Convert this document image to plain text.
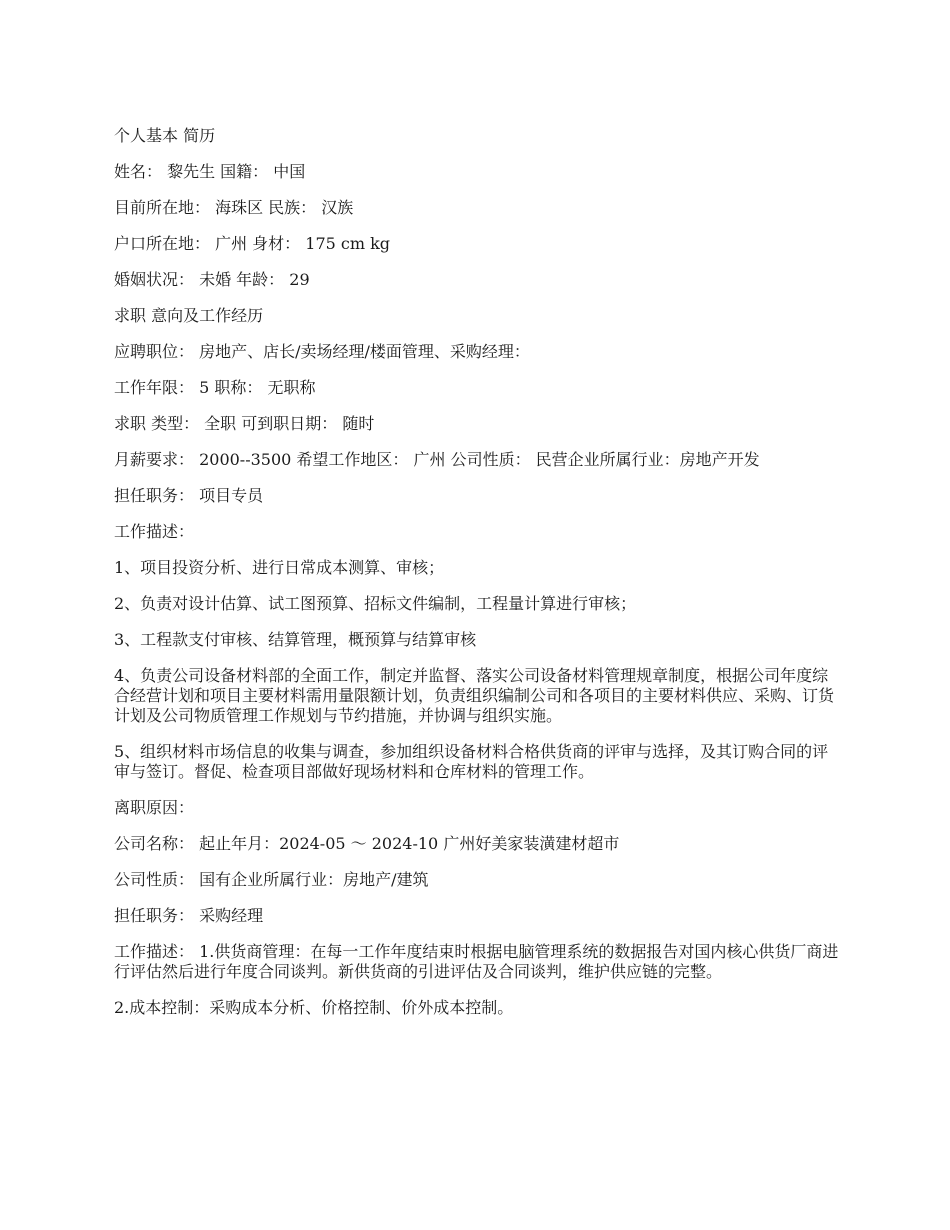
个人基本 简历

姓名： 黎先生 国籍： 中国

目前所在地： 海珠区 民族： 汉族

户口所在地： 广州 身材： 175 cm kg

婚姻状况： 未婚 年龄： 29

求职 意向及工作经历

应聘职位： 房地产、店长/卖场经理/楼面管理、采购经理：

工作年限： 5 职称： 无职称

求职 类型： 全职 可到职日期： 随时

月薪要求： 2000--3500 希望工作地区： 广州 公司性质： 民营企业所属行业：房地产开发

担任职务： 项目专员

工作描述：

1、项目投资分析、进行日常成本测算、审核；

2、负责对设计估算、试工图预算、招标文件编制，工程量计算进行审核；

3、工程款支付审核、结算管理，概预算与结算审核

4、负责公司设备材料部的全面工作，制定并监督、落实公司设备材料管理规章制度，根据公司年度综合经营计划和项目主要材料需用量限额计划，负责组织编制公司和各项目的主要材料供应、采购、订货计划及公司物质管理工作规划与节约措施，并协调与组织实施。

5、组织材料市场信息的收集与调查，参加组织设备材料合格供货商的评审与选择，及其订购合同的评审与签订。督促、检查项目部做好现场材料和仓库材料的管理工作。

离职原因：

公司名称： 起止年月：2024-05 ～ 2024-10 广州好美家装潢建材超市

公司性质： 国有企业所属行业：房地产/建筑

担任职务： 采购经理

工作描述： 1.供货商管理：在每一工作年度结束时根据电脑管理系统的数据报告对国内核心供货厂商进行评估然后进行年度合同谈判。新供货商的引进评估及合同谈判，维护供应链的完整。

2.成本控制：采购成本分析、价格控制、价外成本控制。
